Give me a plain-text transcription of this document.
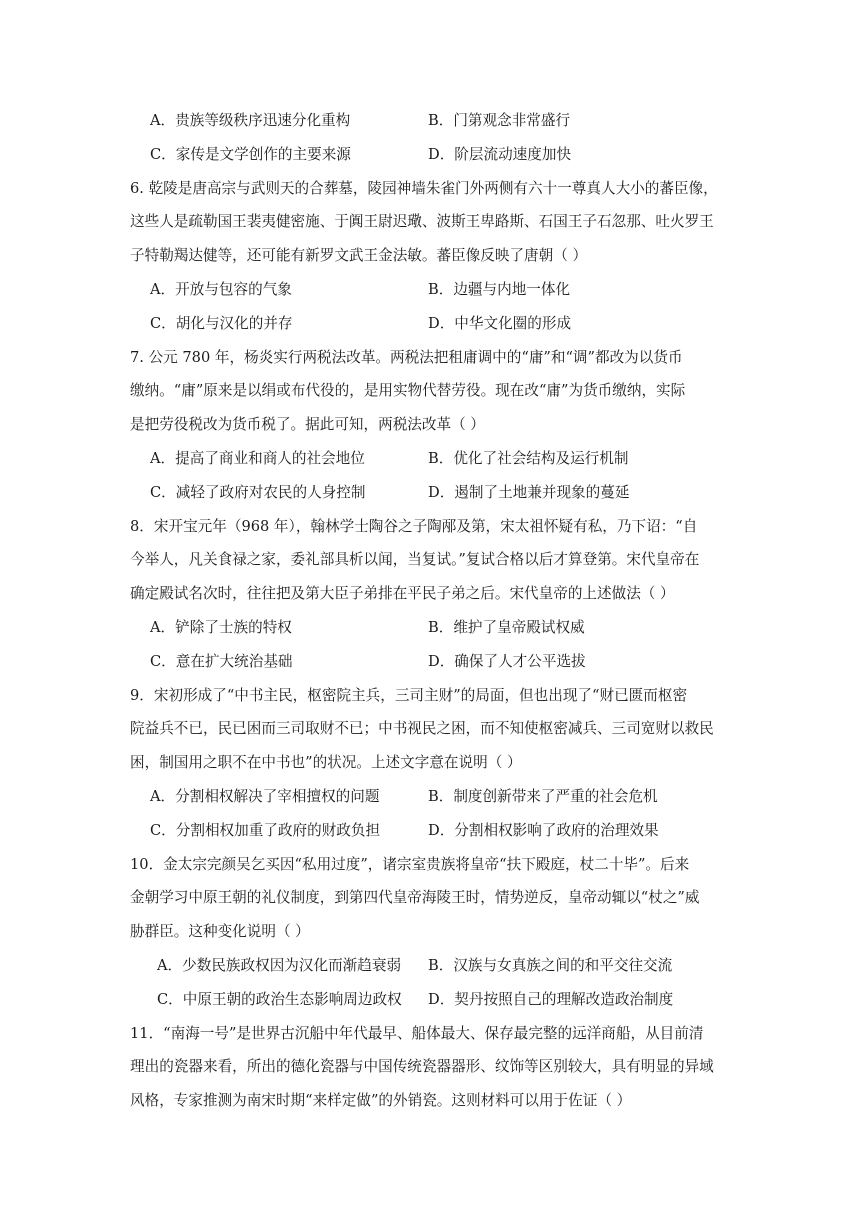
A．贵族等级秩序迅速分化重构	B．门第观念非常盛行
C．家传是文学创作的主要来源	D．阶层流动速度加快
6. 乾陵是唐高宗与武则天的合葬墓，陵园神墙朱雀门外两侧有六十一尊真人大小的蕃臣像，
这些人是疏勒国王裴夷健密施、于阗王尉迟璥、波斯王卑路斯、石国王子石忽那、吐火罗王
子特勒羯达健等，还可能有新罗文武王金法敏。蕃臣像反映了唐朝（ ）
A．开放与包容的气象	B．边疆与内地一体化
C．胡化与汉化的并存	D．中华文化圈的形成
7. 公元 780 年，杨炎实行两税法改革。两税法把租庸调中的“庸”和“调”都改为以货币
缴纳。“庸”原来是以绢或布代役的，是用实物代替劳役。现在改“庸”为货币缴纳，实际
是把劳役税改为货币税了。据此可知，两税法改革（ ）
A．提高了商业和商人的社会地位	B．优化了社会结构及运行机制
C．减轻了政府对农民的人身控制	D．遏制了土地兼并现象的蔓延
8．宋开宝元年（968 年），翰林学士陶谷之子陶邴及第，宋太祖怀疑有私，乃下诏：“自
今举人，凡关食禄之家，委礼部具析以闻，当复试。”复试合格以后才算登第。宋代皇帝在
确定殿试名次时，往往把及第大臣子弟排在平民子弟之后。宋代皇帝的上述做法（ ）
A．铲除了士族的特权	B．维护了皇帝殿试权威
C．意在扩大统治基础	D．确保了人才公平选拔
9．宋初形成了“中书主民，枢密院主兵，三司主财”的局面，但也出现了“财已匮而枢密
院益兵不已，民已困而三司取财不已；中书视民之困，而不知使枢密减兵、三司宽财以救民
困，制国用之职不在中书也”的状况。上述文字意在说明（ ）
A．分割相权解决了宰相擅权的问题	B．制度创新带来了严重的社会危机
C．分割相权加重了政府的财政负担	D．分割相权影响了政府的治理效果
10．金太宗完颜吴乞买因“私用过度”，诸宗室贵族将皇帝“扶下殿庭，杖二十毕”。后来
金朝学习中原王朝的礼仪制度，到第四代皇帝海陵王时，情势逆反，皇帝动辄以“杖之”威
胁群臣。这种变化说明（ ）
A．少数民族政权因为汉化而渐趋衰弱 B．汉族与女真族之间的和平交往交流
C．中原王朝的政治生态影响周边政权 D．契丹按照自己的理解改造政治制度
11．“南海一号”是世界古沉船中年代最早、船体最大、保存最完整的远洋商船，从目前清
理出的瓷器来看，所出的德化瓷器与中国传统瓷器器形、纹饰等区别较大，具有明显的异域
风格，专家推测为南宋时期“来样定做”的外销瓷。这则材料可以用于佐证（ ）
